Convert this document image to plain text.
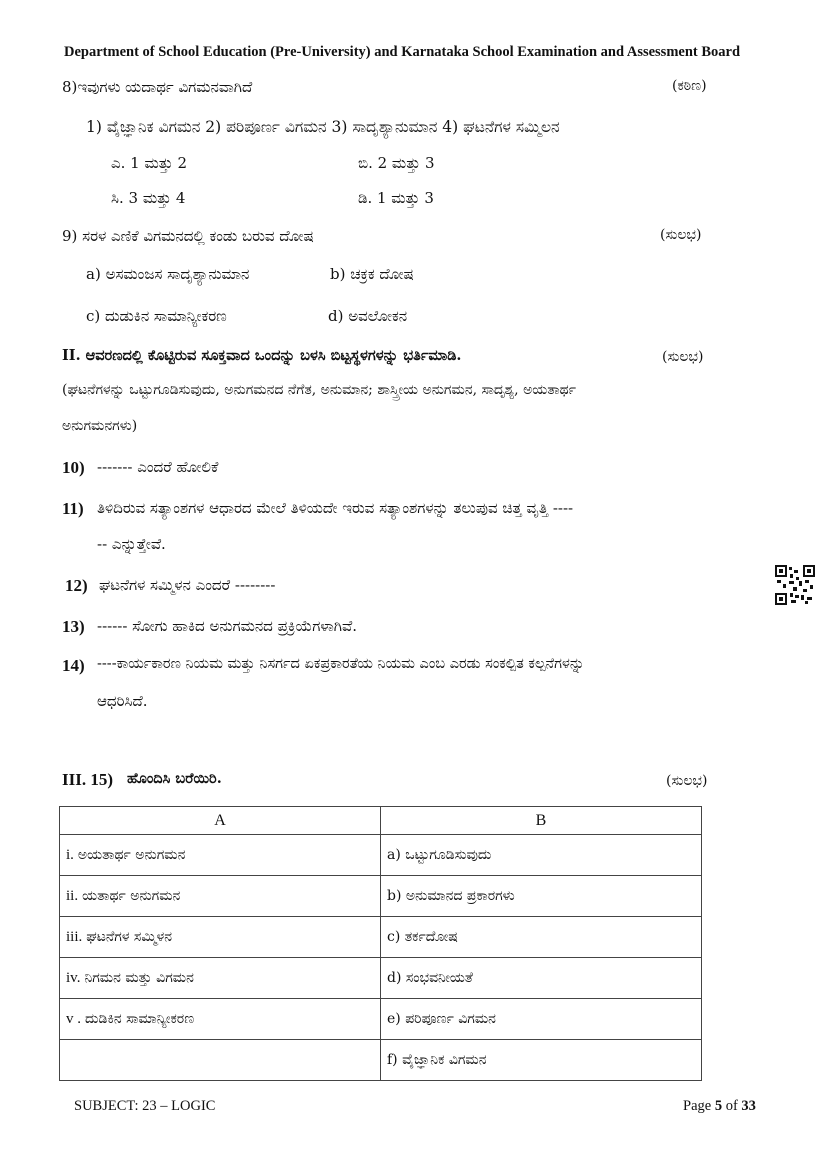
Department of School Education (Pre-University) and Karnataka School Examination and Assessment Board
8)ಇವುಗಳು ಯದಾರ್ಥ ವಿಗಮನವಾಗಿದೆ	(ಕಠಿಣ)
1) ವೈಜ್ಞಾನಿಕ ವಿಗಮನ 2) ಪರಿಪೂರ್ಣ ವಿಗಮನ 3) ಸಾದೃಶ್ಯಾನುಮಾನ 4) ಘಟನೆಗಳ ಸಮ್ಮಿಲನ
ಎ. 1 ಮತ್ತು 2	ಬಿ. 2 ಮತ್ತು 3
ಸಿ. 3 ಮತ್ತು 4	ಡಿ. 1 ಮತ್ತು 3
9) ಸರಳ ಎಣಿಕೆ ವಿಗಮನದಲ್ಲಿ ಕಂಡು ಬರುವ ದೋಷ	(ಸುಲಭ)
a) ಅಸಮಂಜಸ ಸಾದೃಶ್ಯಾನುಮಾನ	b) ಚಕ್ರಕ ದೋಷ
c) ದುಡುಕಿನ ಸಾಮಾನ್ಯೀಕರಣ	d) ಅವಲೋಕನ
II. ಆವರಣದಲ್ಲಿ ಕೊಟ್ಟಿರುವ ಸೂಕ್ತವಾದ ಒಂದನ್ನು ಬಳಸಿ ಬಿಟ್ಟಸ್ಥಳಗಳನ್ನು ಭರ್ತಿಮಾಡಿ.	(ಸುಲಭ)
(ಘಟನೆಗಳನ್ನು ಒಟ್ಟುಗೂಡಿಸುವುದು, ಅನುಗಮನದ ನೆಗೆತ, ಅನುಮಾನ; ಶಾಸ್ತ್ರೀಯ ಅನುಗಮನ, ಸಾದೃಶ್ಯ, ಅಯತಾರ್ಥ
ಅನುಗಮನಗಳು)
10) ------- ಎಂದರೆ ಹೋಲಿಕೆ
11) ತಿಳಿದಿರುವ ಸತ್ಯಾಂಶಗಳ ಆಧಾರದ ಮೇಲೆ ತಿಳಿಯದೇ ಇರುವ ಸತ್ಯಾಂಶಗಳನ್ನು ತಲುಪುವ ಚಿತ್ತ ವೃತ್ತಿ ----
-- ಎನ್ನುತ್ತೇವೆ.
12) ಘಟನೆಗಳ ಸಮ್ಮಿಳನ ಎಂದರೆ --------
13) ------ ಸೋಗು ಹಾಕಿದ ಅನುಗಮನದ ಪ್ರಕ್ರಿಯೆಗಳಾಗಿವೆ.
14) ----ಕಾರ್ಯಕಾರಣ ನಿಯಮ ಮತ್ತು ನಿಸರ್ಗದ ಏಕಪ್ರಕಾರತೆಯ ನಿಯಮ ಎಂಬ ಎರಡು ಸಂಕಲ್ಪಿತ ಕಲ್ಪನೆಗಳನ್ನು
ಆಧರಿಸಿದೆ.
III. 15) ಹೊಂದಿಸಿ ಬರೆಯಿರಿ.	(ಸುಲಭ)
A	B
i. ಅಯತಾರ್ಥ ಅನುಗಮನ	a) ಒಟ್ಟುಗೂಡಿಸುವುದು
ii. ಯತಾರ್ಥ ಅನುಗಮನ	b) ಅನುಮಾನದ ಪ್ರಕಾರಗಳು
iii. ಘಟನೆಗಳ ಸಮ್ಮಿಳನ	c) ತರ್ಕದೋಷ
iv. ನಿಗಮನ ಮತ್ತು ವಿಗಮನ	d) ಸಂಭವನೀಯತೆ
v . ದುಡಿಕಿನ ಸಾಮಾನ್ಯೀಕರಣ	e) ಪರಿಪೂರ್ಣ ವಿಗಮನ
	f) ವೈಜ್ಞಾನಿಕ ವಿಗಮನ
SUBJECT: 23 – LOGIC	Page 5 of 33
